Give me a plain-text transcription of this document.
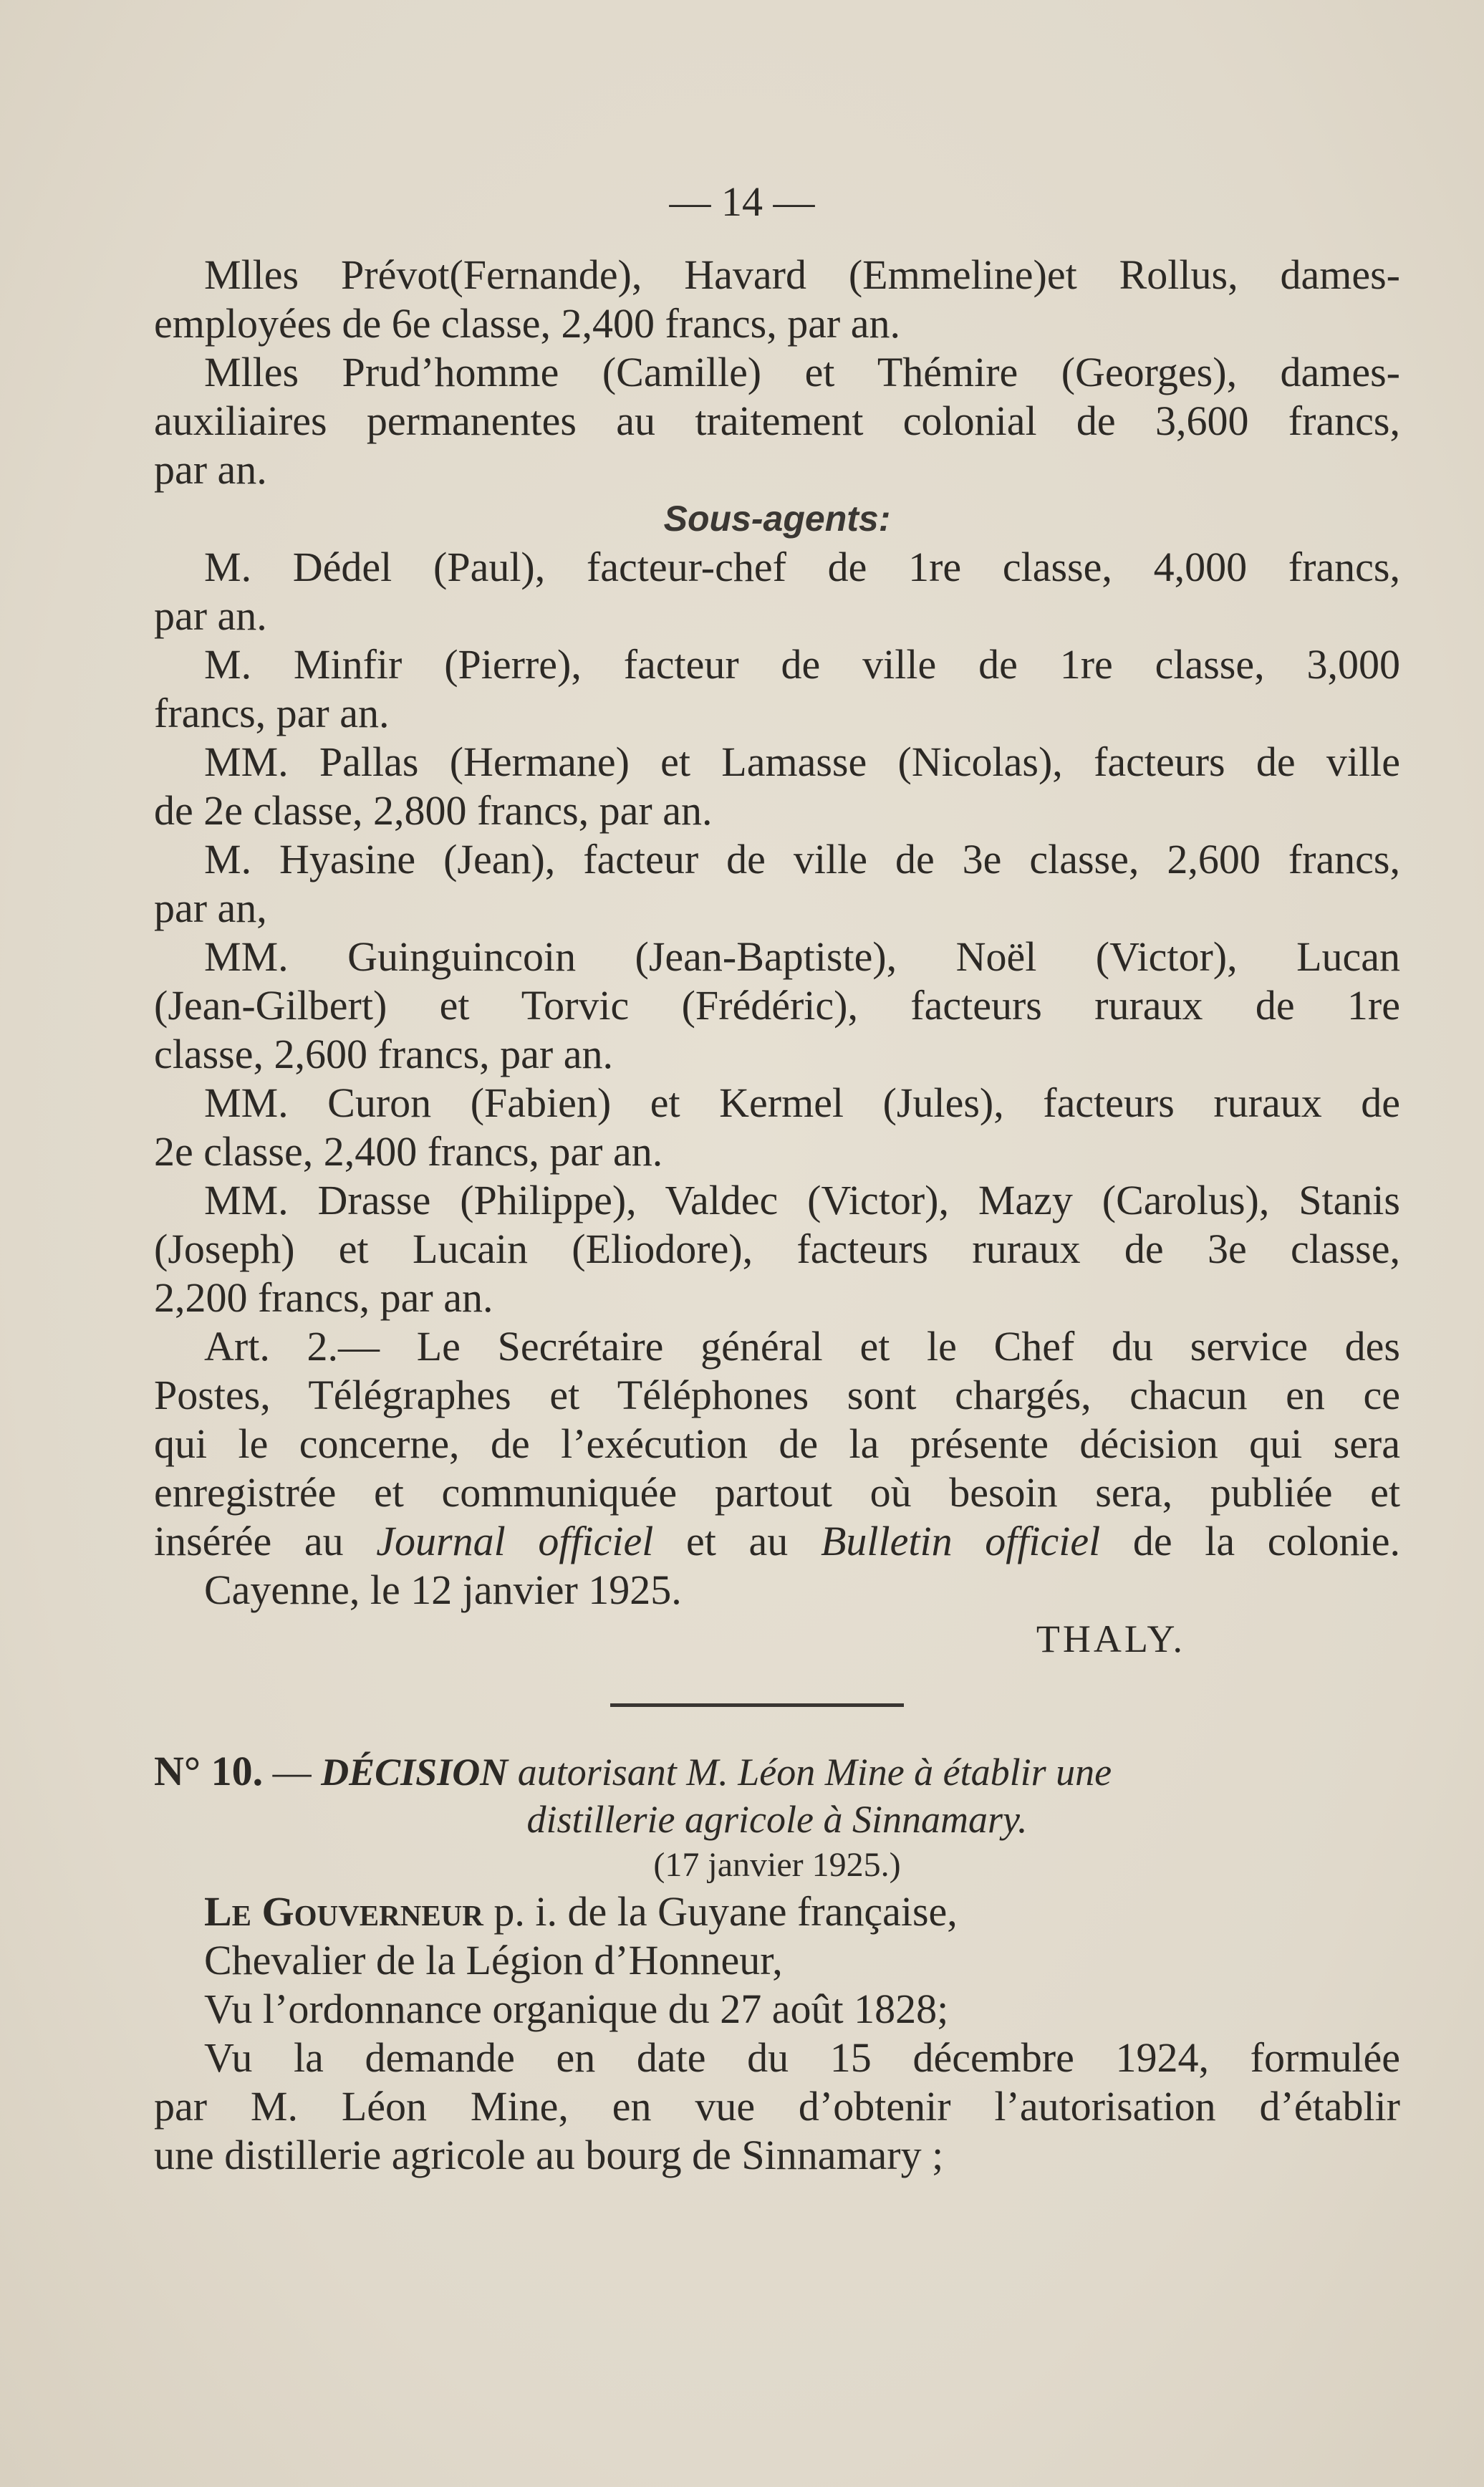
— 14 —

Mlles Prévot(Fernande), Havard (Emmeline)et Rollus, dames-

employées de 6e classe, 2,400 francs, par an.

Mlles Prud’homme (Camille) et Thémire (Georges), dames-

auxiliaires permanentes au traitement colonial de 3,600 francs,

par an.

Sous-agents:

M. Dédel (Paul), facteur-chef de 1re classe, 4,000 francs,

par an.

M. Minfir (Pierre), facteur de ville de 1re classe, 3,000

francs, par an.

MM. Pallas (Hermane) et Lamasse (Nicolas), facteurs de ville

de 2e classe, 2,800 francs, par an.

M. Hyasine (Jean), facteur de ville de 3e classe, 2,600 francs,

par an,

MM. Guinguincoin (Jean-Baptiste), Noël (Victor), Lucan

(Jean-Gilbert) et Torvic (Frédéric), facteurs ruraux de 1re

classe, 2,600 francs, par an.

MM. Curon (Fabien) et Kermel (Jules), facteurs ruraux de

2e classe, 2,400 francs, par an.

MM. Drasse (Philippe), Valdec (Victor), Mazy (Carolus), Stanis

(Joseph) et Lucain (Eliodore), facteurs ruraux de 3e classe,

2,200 francs, par an.

Art. 2.— Le Secrétaire général et le Chef du service des

Postes, Télégraphes et Téléphones sont chargés, chacun en ce

qui le concerne, de l’exécution de la présente décision qui sera

enregistrée et communiquée partout où besoin sera, publiée et

insérée au Journal officiel et au Bulletin officiel de la colonie.

Cayenne, le 12 janvier 1925.

THALY.

N° 10. — DÉCISION autorisant M. Léon Mine à établir une

distillerie agricole à Sinnamary.

(17 janvier 1925.)

Le Gouverneur p. i. de la Guyane française,

Chevalier de la Légion d’Honneur,

Vu l’ordonnance organique du 27 août 1828;

Vu la demande en date du 15 décembre 1924, formulée

par M. Léon Mine, en vue d’obtenir l’autorisation d’établir

une distillerie agricole au bourg de Sinnamary ;
